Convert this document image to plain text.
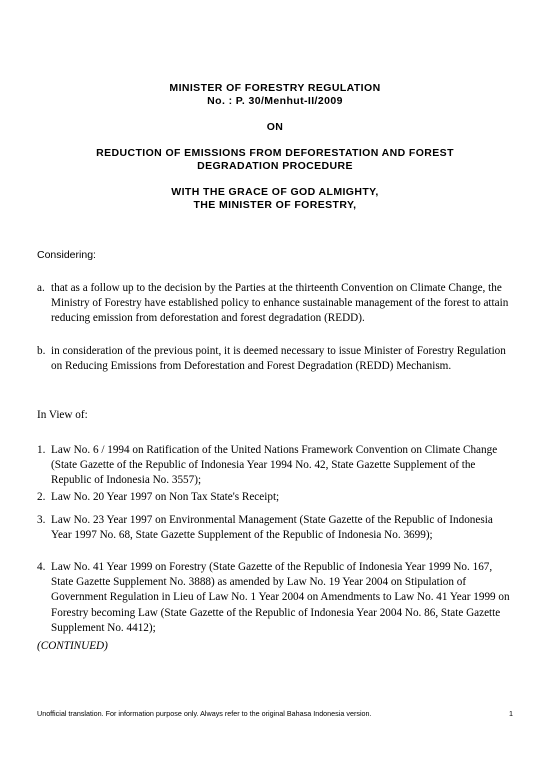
MINISTER OF FORESTRY REGULATION
No. : P. 30/Menhut-II/2009
ON
REDUCTION OF EMISSIONS FROM DEFORESTATION AND FOREST
DEGRADATION PROCEDURE
WITH THE GRACE OF GOD ALMIGHTY,
THE MINISTER OF FORESTRY,
Considering:
a. that as a follow up to the decision by the Parties at the thirteenth Convention on Climate Change, the Ministry of Forestry have established policy to enhance sustainable management of the forest to attain reducing emission from deforestation and forest degradation (REDD).
b. in consideration of the previous point, it is deemed necessary to issue Minister of Forestry Regulation on Reducing Emissions from Deforestation and Forest Degradation (REDD) Mechanism.
In View of:
1. Law No. 6 / 1994 on Ratification of the United Nations Framework Convention on Climate Change (State Gazette of the Republic of Indonesia Year 1994 No. 42, State Gazette Supplement of the Republic of Indonesia No. 3557);
2. Law No. 20 Year 1997 on Non Tax State's Receipt;
3. Law No. 23 Year 1997 on Environmental Management (State Gazette of the Republic of Indonesia Year 1997 No. 68, State Gazette Supplement of the Republic of Indonesia No. 3699);
4. Law No. 41 Year 1999 on Forestry (State Gazette of the Republic of Indonesia Year 1999 No. 167, State Gazette Supplement No. 3888) as amended by Law No. 19 Year 2004 on Stipulation of Government Regulation in Lieu of Law No. 1 Year 2004 on Amendments to Law No. 41 Year 1999 on Forestry becoming Law (State Gazette of the Republic of Indonesia Year 2004 No. 86, State Gazette Supplement No. 4412);
(CONTINUED)
Unofficial translation. For information purpose only. Always refer to the original Bahasa Indonesia version.	1
